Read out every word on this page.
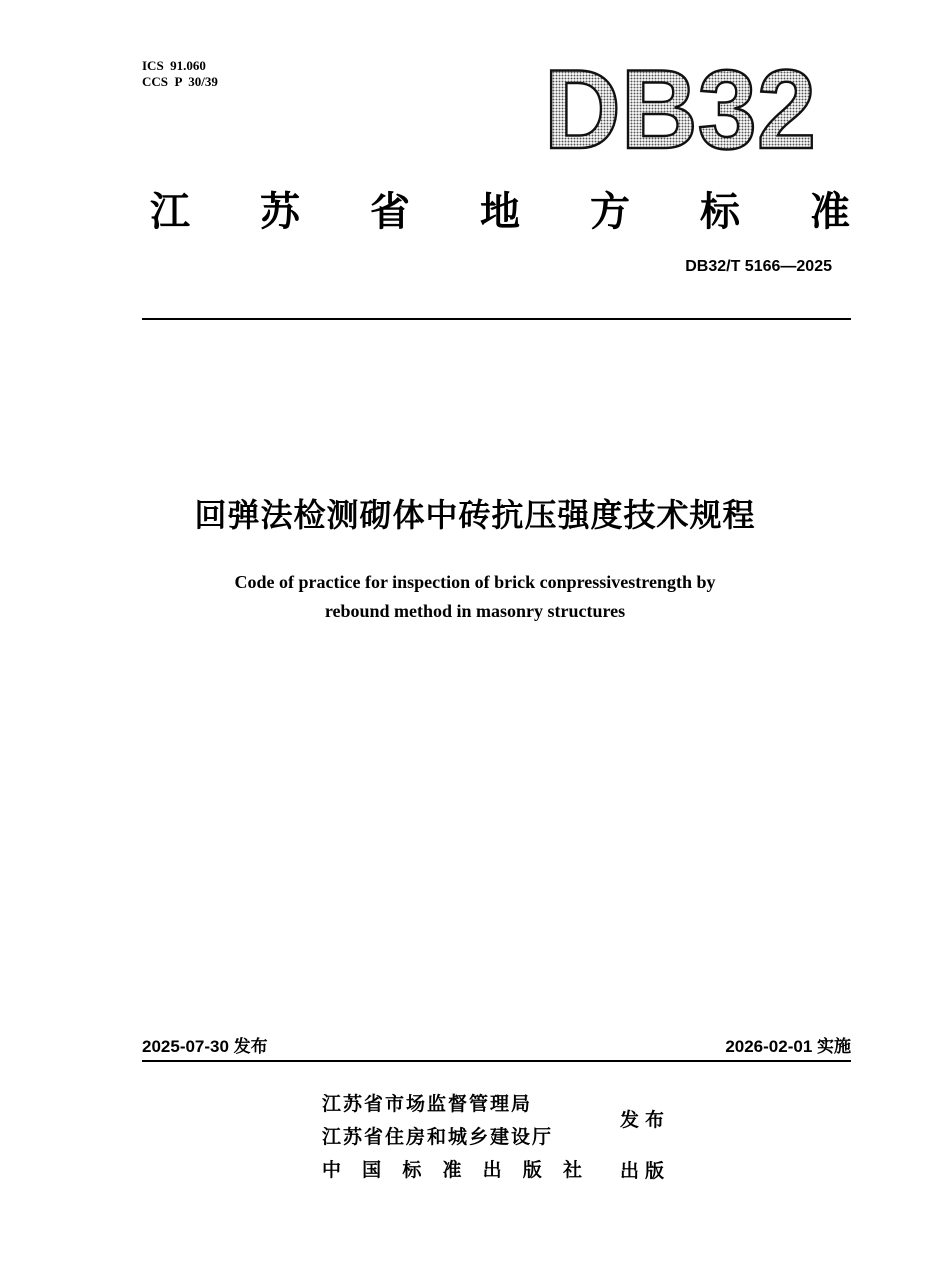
ICS  91.060
CCS  P  30/39	DB32
江 苏 省 地 方 标 准
DB32/T 5166—2025
回弹法检测砌体中砖抗压强度技术规程
Code of practice for inspection of brick conpressivestrength by
rebound method in masonry structures
2025-07-30 发布	2026-02-01 实施
江苏省市场监督管理局
江苏省住房和城乡建设厅
中 国 标 准 出 版 社
发布
出版
